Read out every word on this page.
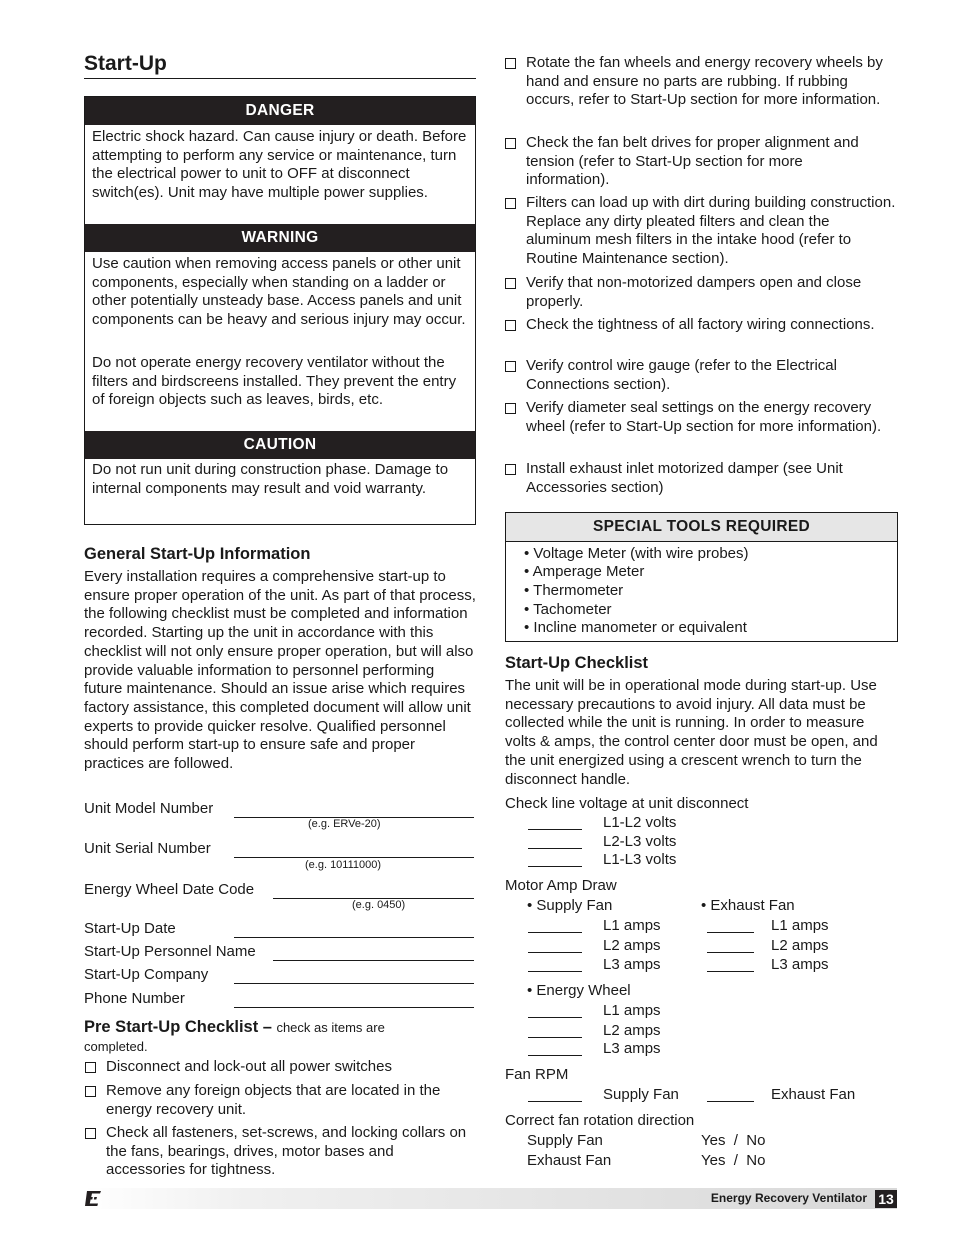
Start-Up
DANGER
Electric shock hazard. Can cause injury or death. Before attempting to perform any service or maintenance, turn the electrical power to unit to OFF at disconnect switch(es). Unit may have multiple power supplies.
WARNING
Use caution when removing access panels or other unit components, especially when standing on a ladder or other potentially unsteady base. Access panels and unit components can be heavy and serious injury may occur.
Do not operate energy recovery ventilator without the filters and birdscreens installed. They prevent the entry of foreign objects such as leaves, birds, etc.
CAUTION
Do not run unit during construction phase. Damage to internal components may result and void warranty.
General Start-Up Information
Every installation requires a comprehensive start-up to ensure proper operation of the unit. As part of that process, the following checklist must be completed and information recorded. Starting up the unit in accordance with this checklist will not only ensure proper operation, but will also provide valuable information to personnel performing future maintenance. Should an issue arise which requires factory assistance, this completed document will allow unit experts to provide quicker resolve. Qualified personnel should perform start-up to ensure safe and proper practices are followed.
Unit Model Number
(e.g. ERVe-20)
Unit Serial Number
(e.g. 10111000)
Energy Wheel Date Code
(e.g. 0450)
Start-Up Date
Start-Up Personnel Name
Start-Up Company
Phone Number
Pre Start-Up Checklist – check as items are
completed.
Disconnect and lock-out all power switches
Remove any foreign objects that are located in the energy recovery unit.
Check all fasteners, set-screws, and locking collars on the fans, bearings, drives, motor bases and accessories for tightness.
Rotate the fan wheels and energy recovery wheels by hand and ensure no parts are rubbing. If rubbing occurs, refer to Start-Up section for more information.
Check the fan belt drives for proper alignment and tension (refer to Start-Up section for more information).
Filters can load up with dirt during building construction. Replace any dirty pleated filters and clean the aluminum mesh filters in the intake hood (refer to Routine Maintenance section).
Verify that non-motorized dampers open and close properly.
Check the tightness of all factory wiring connections.
Verify control wire gauge (refer to the Electrical Connections section).
Verify diameter seal settings on the energy recovery wheel (refer to Start-Up section for more information).
Install exhaust inlet motorized damper (see Unit Accessories section)
SPECIAL TOOLS REQUIRED
• Voltage Meter (with wire probes)
• Amperage Meter
• Thermometer
• Tachometer
• Incline manometer or equivalent
Start-Up Checklist
The unit will be in operational mode during start-up. Use necessary precautions to avoid injury. All data must be collected while the unit is running. In order to measure volts & amps, the control center door must be open, and the unit energized using a crescent wrench to turn the disconnect handle.
Check line voltage at unit disconnect
L1-L2 volts
L2-L3 volts
L1-L3 volts
Motor Amp Draw
• Supply Fan	• Exhaust Fan
L1 amps	L1 amps
L2 amps	L2 amps
L3 amps	L3 amps
• Energy Wheel
L1 amps
L2 amps
L3 amps
Fan RPM
Supply Fan	Exhaust Fan
Correct fan rotation direction
Supply Fan	Yes  /  No
Exhaust Fan	Yes  /  No
Energy Recovery Ventilator 13
